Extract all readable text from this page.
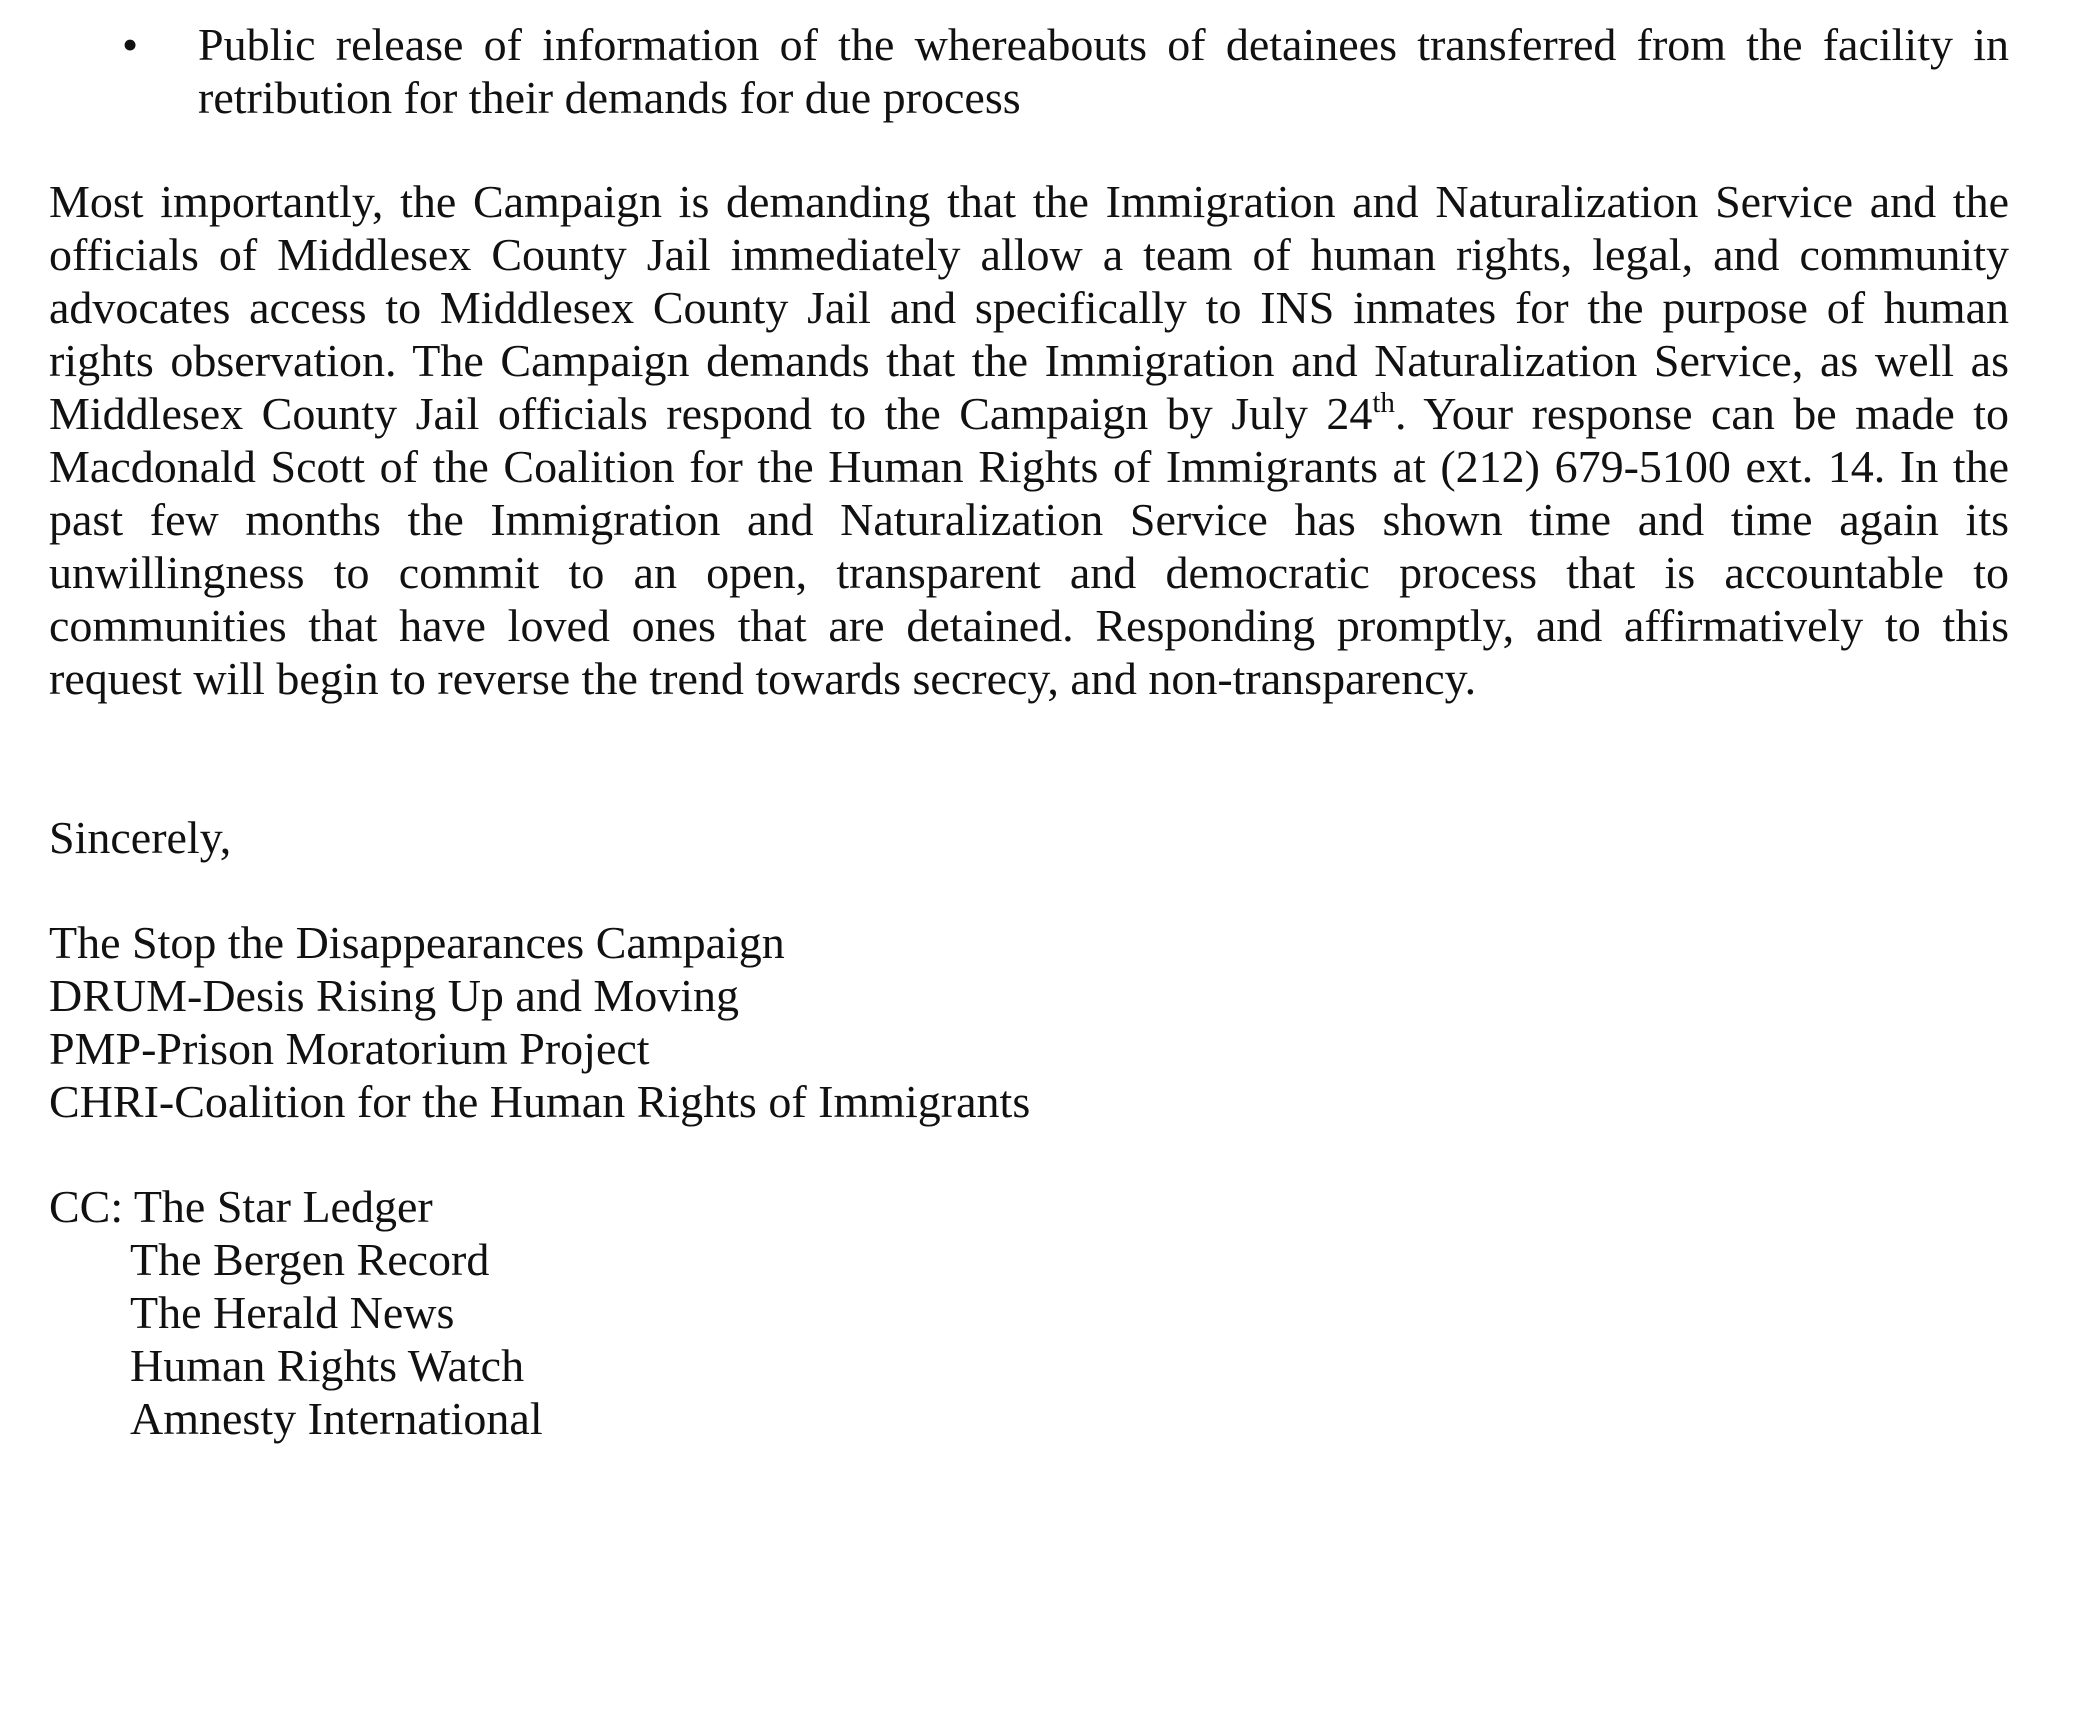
•	Public release of information of the whereabouts of detainees transferred from the facility in retribution for their demands for due process

Most importantly, the Campaign is demanding that the Immigration and Naturalization Service and the officials of Middlesex County Jail immediately allow a team of human rights, legal, and community advocates access to Middlesex County Jail and specifically to INS inmates for the purpose of human rights observation. The Campaign demands that the Immigration and Naturalization Service, as well as Middlesex County Jail officials respond to the Campaign by July 24th. Your response can be made to Macdonald Scott of the Coalition for the Human Rights of Immigrants at (212) 679-5100 ext. 14. In the past few months the Immigration and Naturalization Service has shown time and time again its unwillingness to commit to an open, transparent and democratic process that is accountable to communities that have loved ones that are detained. Responding promptly, and affirmatively to this request will begin to reverse the trend towards secrecy, and non-transparency.

Sincerely,

The Stop the Disappearances Campaign
DRUM-Desis Rising Up and Moving
PMP-Prison Moratorium Project
CHRI-Coalition for the Human Rights of Immigrants

CC: The Star Ledger

The Bergen Record
The Herald News
Human Rights Watch
Amnesty International
